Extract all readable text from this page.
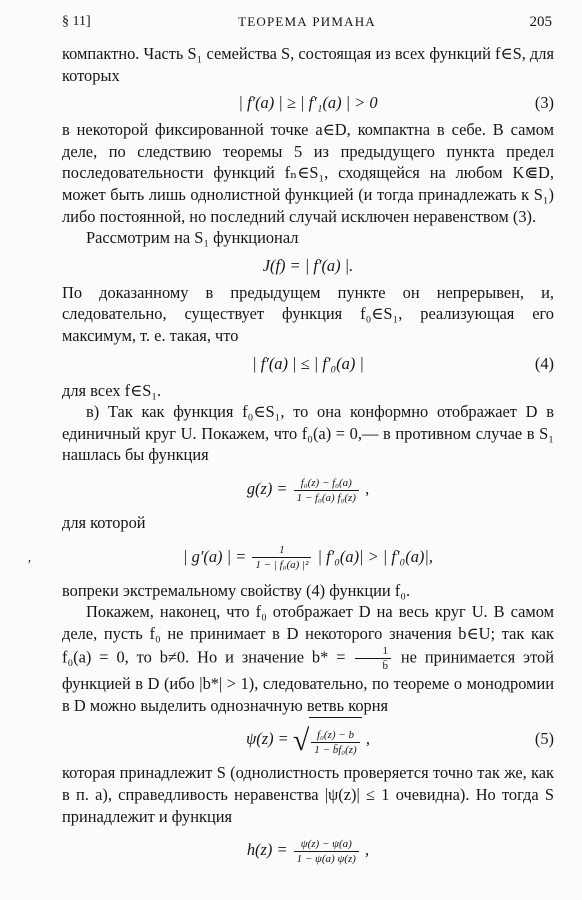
§ 11]	ТЕОРЕМА РИМАНА	205
′

компактно. Часть S₁ семейства S, состоящая из всех функций f∈S, для которых

| f′(a) | ≥ | f′₁(a) | > 0	(3)

в некоторой фиксированной точке a∈D, компактна в себе. В самом деле, по следствию теоремы 5 из предыдущего пункта предел последовательности функций fₙ∈S₁, сходящейся на любом K⋐D, может быть лишь однолистной функцией (и тогда принадлежать к S₁) либо постоянной, но последний случай исключен неравенством (3).

Рассмотрим на S₁ функционал

J(f) = | f′(a) |.

По доказанному в предыдущем пункте он непрерывен, и, следовательно, существует функция f₀∈S₁, реализующая его максимум, т. е. такая, что

| f′(a) | ≤ | f′₀(a) |	(4)

для всех f∈S₁.

в) Так как функция f₀∈S₁, то она конформно отображает D в единичный круг U. Покажем, что f₀(a) = 0,— в противном случае в S₁ нашлась бы функция

$g(z) = \frac{\text{f₀(z) − f₀(a)}}{\text{1 − f₀(a) f₀(z)}}$ ,

для которой

| g′(a) | = $\frac{1}{\text{1 − | f₀(a) |²}}$ | f′₀(a)| > | f′₀(a)|,

вопреки экстремальному свойству (4) функции f₀.

Покажем, наконец, что f₀ отображает D на весь круг U. В самом деле, пусть f₀ не принимает в D некоторого значения b∈U; так как f₀(a) = 0, то b≠0. Но и значение $b* = \frac{1}{b̄}$ не принимается этой функцией в D (ибо |b*| > 1), следовательно, по теореме о монодромии в D можно выделить однозначную ветвь корня

ψ(z) = √ $\frac{\text{f₀(z) − b}}{\text{1 − b̄f₀(z)}}$ ,	(5)

которая принадлежит S (однолистность проверяется точно так же, как в п. а), справедливость неравенства |ψ(z)| ≤ 1 очевидна). Но тогда S принадлежит и функция

$h(z) = \frac{\psi(z) - \psi(a)}{1 - \psi(a) \psi(z)}$ ,
